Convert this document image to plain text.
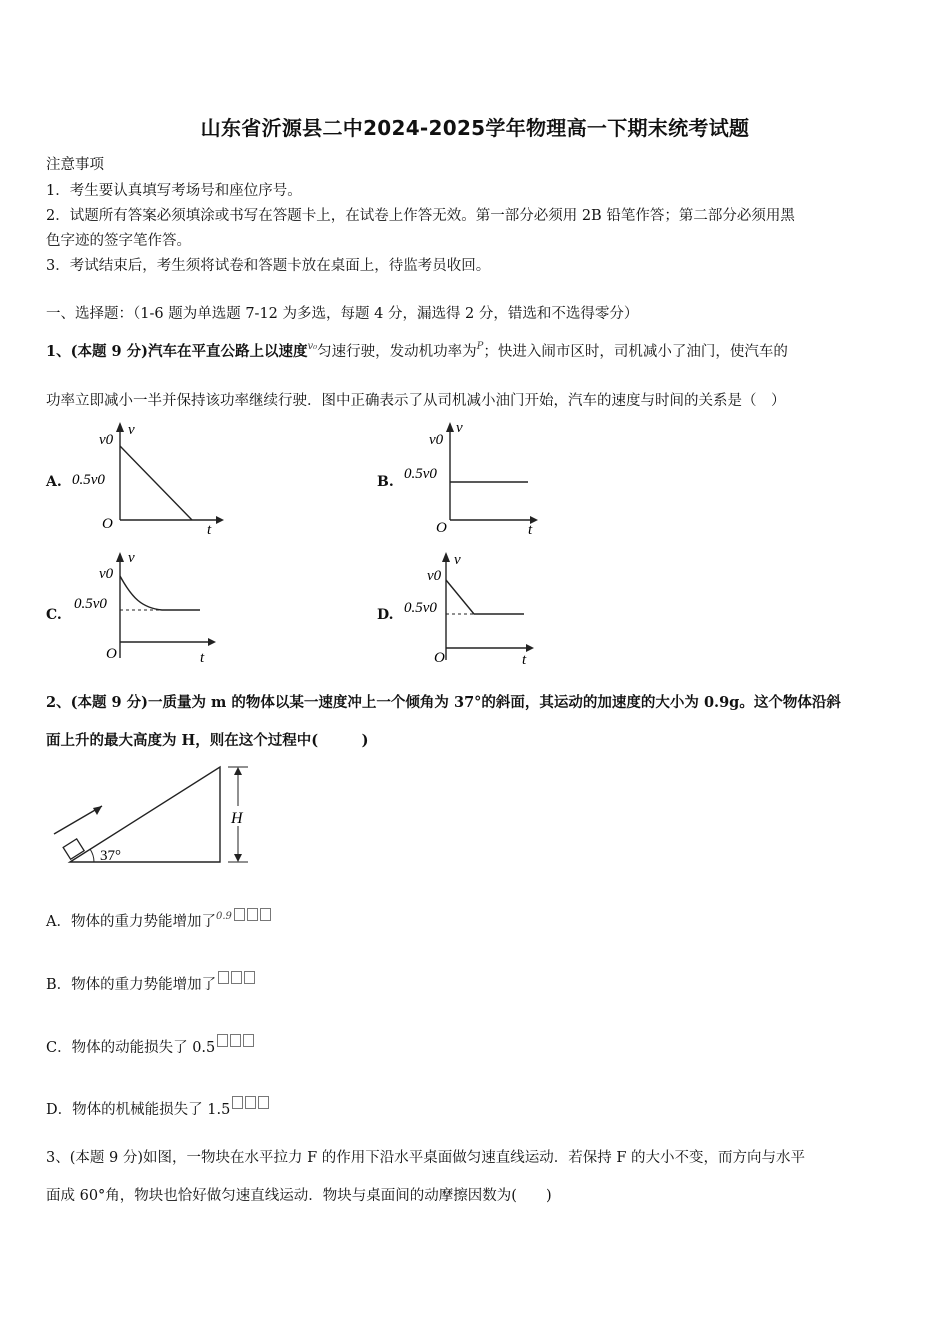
山东省沂源县二中2024-2025学年物理高一下期末统考试题
注意事项
1．考生要认真填写考场号和座位序号。
2．试题所有答案必须填涂或书写在答题卡上，在试卷上作答无效。第一部分必须用 2B 铅笔作答；第二部分必须用黑
色字迹的签字笔作答。
3．考试结束后，考生须将试卷和答题卡放在桌面上，待监考员收回。
一、选择题：（1-6 题为单选题 7-12 为多选，每题 4 分，漏选得 2 分，错选和不选得零分）
1、(本题 9 分)汽车在平直公路上以速度$^{v_0}$匀速行驶，发动机功率为$^P$；快进入闹市区时，司机减小了油门，使汽车的
功率立即减小一半并保持该功率继续行驶．图中正确表示了从司机减小油门开始，汽车的速度与时间的关系是（　）
A.	B.
C.	D.
v
t
O
v0
0.5v0
v
t
O
v0
0.5v0
v
t
O
v0
0.5v0
v
t
O
v0
0.5v0
2、(本题 9 分)一质量为 m 的物体以某一速度冲上一个倾角为 37°的斜面，其运动的加速度的大小为 0.9g。这个物体沿斜
面上升的最大高度为 H，则在这个过程中(　　　)
37°
H
A．物体的重力势能增加了$^{0.9}$
B．物体的重力势能增加了
C．物体的动能损失了 0.5
D．物体的机械能损失了 1.5
3、(本题 9 分)如图，一物块在水平拉力 F 的作用下沿水平桌面做匀速直线运动．若保持 F 的大小不变，而方向与水平
面成 60°角，物块也恰好做匀速直线运动．物块与桌面间的动摩擦因数为(　　)
